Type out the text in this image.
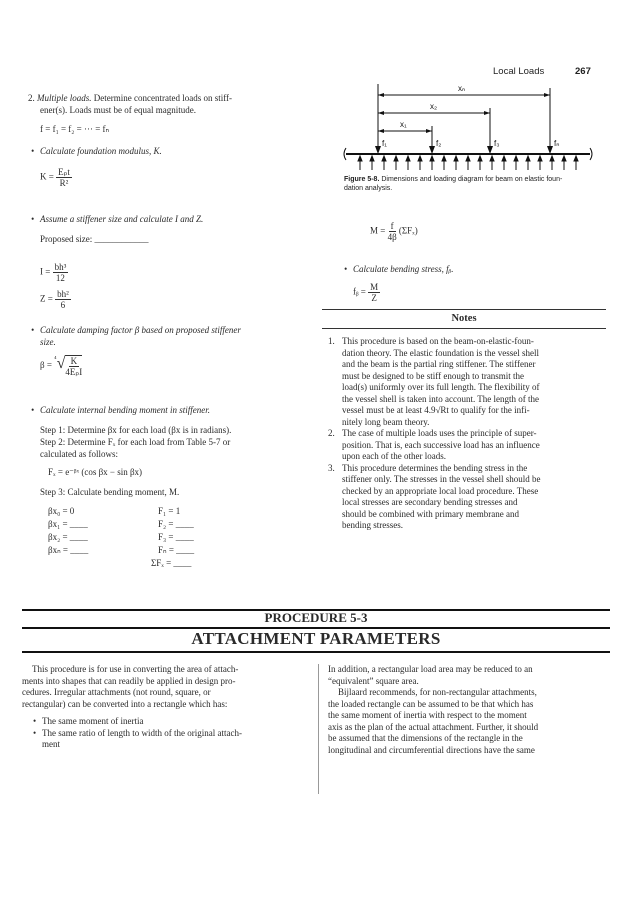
Local Loads	267
2. Multiple loads. Determine concentrated loads on stiff-
ener(s). Loads must be of equal magnitude.
f = f₁ = f₂ = ··· = fₙ
• Calculate foundation modulus, K.
$K = \frac{\text{Eₚt}}{\text{R²}}$
• Assume a stiffener size and calculate I and Z.
Proposed size: ____________
$I = \frac{\text{bh³}}{12}$
$Z = \frac{\text{bh²}}{6}$
• Calculate damping factor β based on proposed stiffener
size.
$\beta = ^{^4}√ \frac{K}{\text{4EₚI}}$
• Calculate internal bending moment in stiffener.
Step 1: Determine βx for each load (βx is in radians).
Step 2: Determine Fₓ for each load from Table 5-7 or
calculated as follows:
Fₓ = e⁻ᵝˣ (cos βx − sin βx)
Step 3: Calculate bending moment, M.
βx₀ = 0	F₁ = 1
βx₁ = ____	F₂ = ____
βx₂ = ____	F₃ = ____
βxₙ = ____	Fₙ = ____
ΣFₓ = ____
xₙ
x₂
x₁
f₁	f₂	f₃	fₙ
Figure 5-8. Dimensions and loading diagram for beam on elastic foun-
dation analysis.
$M = \frac{f}{4\beta} (\Sigma F_x)$
• Calculate bending stress, fᵦ.
fᵦ = $\frac{M}{Z}$
Notes
1. This procedure is based on the beam-on-elastic-foun-
dation theory. The elastic foundation is the vessel shell
and the beam is the partial ring stiffener. The stiffener
must be designed to be stiff enough to transmit the
load(s) uniformly over its full length. The flexibility of
the vessel shell is taken into account. The length of the
vessel must be at least 4.9√Rt to qualify for the infi-
nitely long beam theory.
2. The case of multiple loads uses the principle of super-
position. That is, each successive load has an influence
upon each of the other loads.
3. This procedure determines the bending stress in the
stiffener only. The stresses in the vessel shell should be
checked by an appropriate local load procedure. These
local stresses are secondary bending stresses and
should be combined with primary membrane and
bending stresses.
PROCEDURE 5-3
ATTACHMENT PARAMETERS
This procedure is for use in converting the area of attach-
ments into shapes that can readily be applied in design pro-
cedures. Irregular attachments (not round, square, or
rectangular) can be converted into a rectangle which has:
• The same moment of inertia
• The same ratio of length to width of the original attach-
ment
In addition, a rectangular load area may be reduced to an
“equivalent” square area.
Bijlaard recommends, for non-rectangular attachments,
the loaded rectangle can be assumed to be that which has
the same moment of inertia with respect to the moment
axis as the plan of the actual attachment. Further, it should
be assumed that the dimensions of the rectangle in the
longitudinal and circumferential directions have the same
